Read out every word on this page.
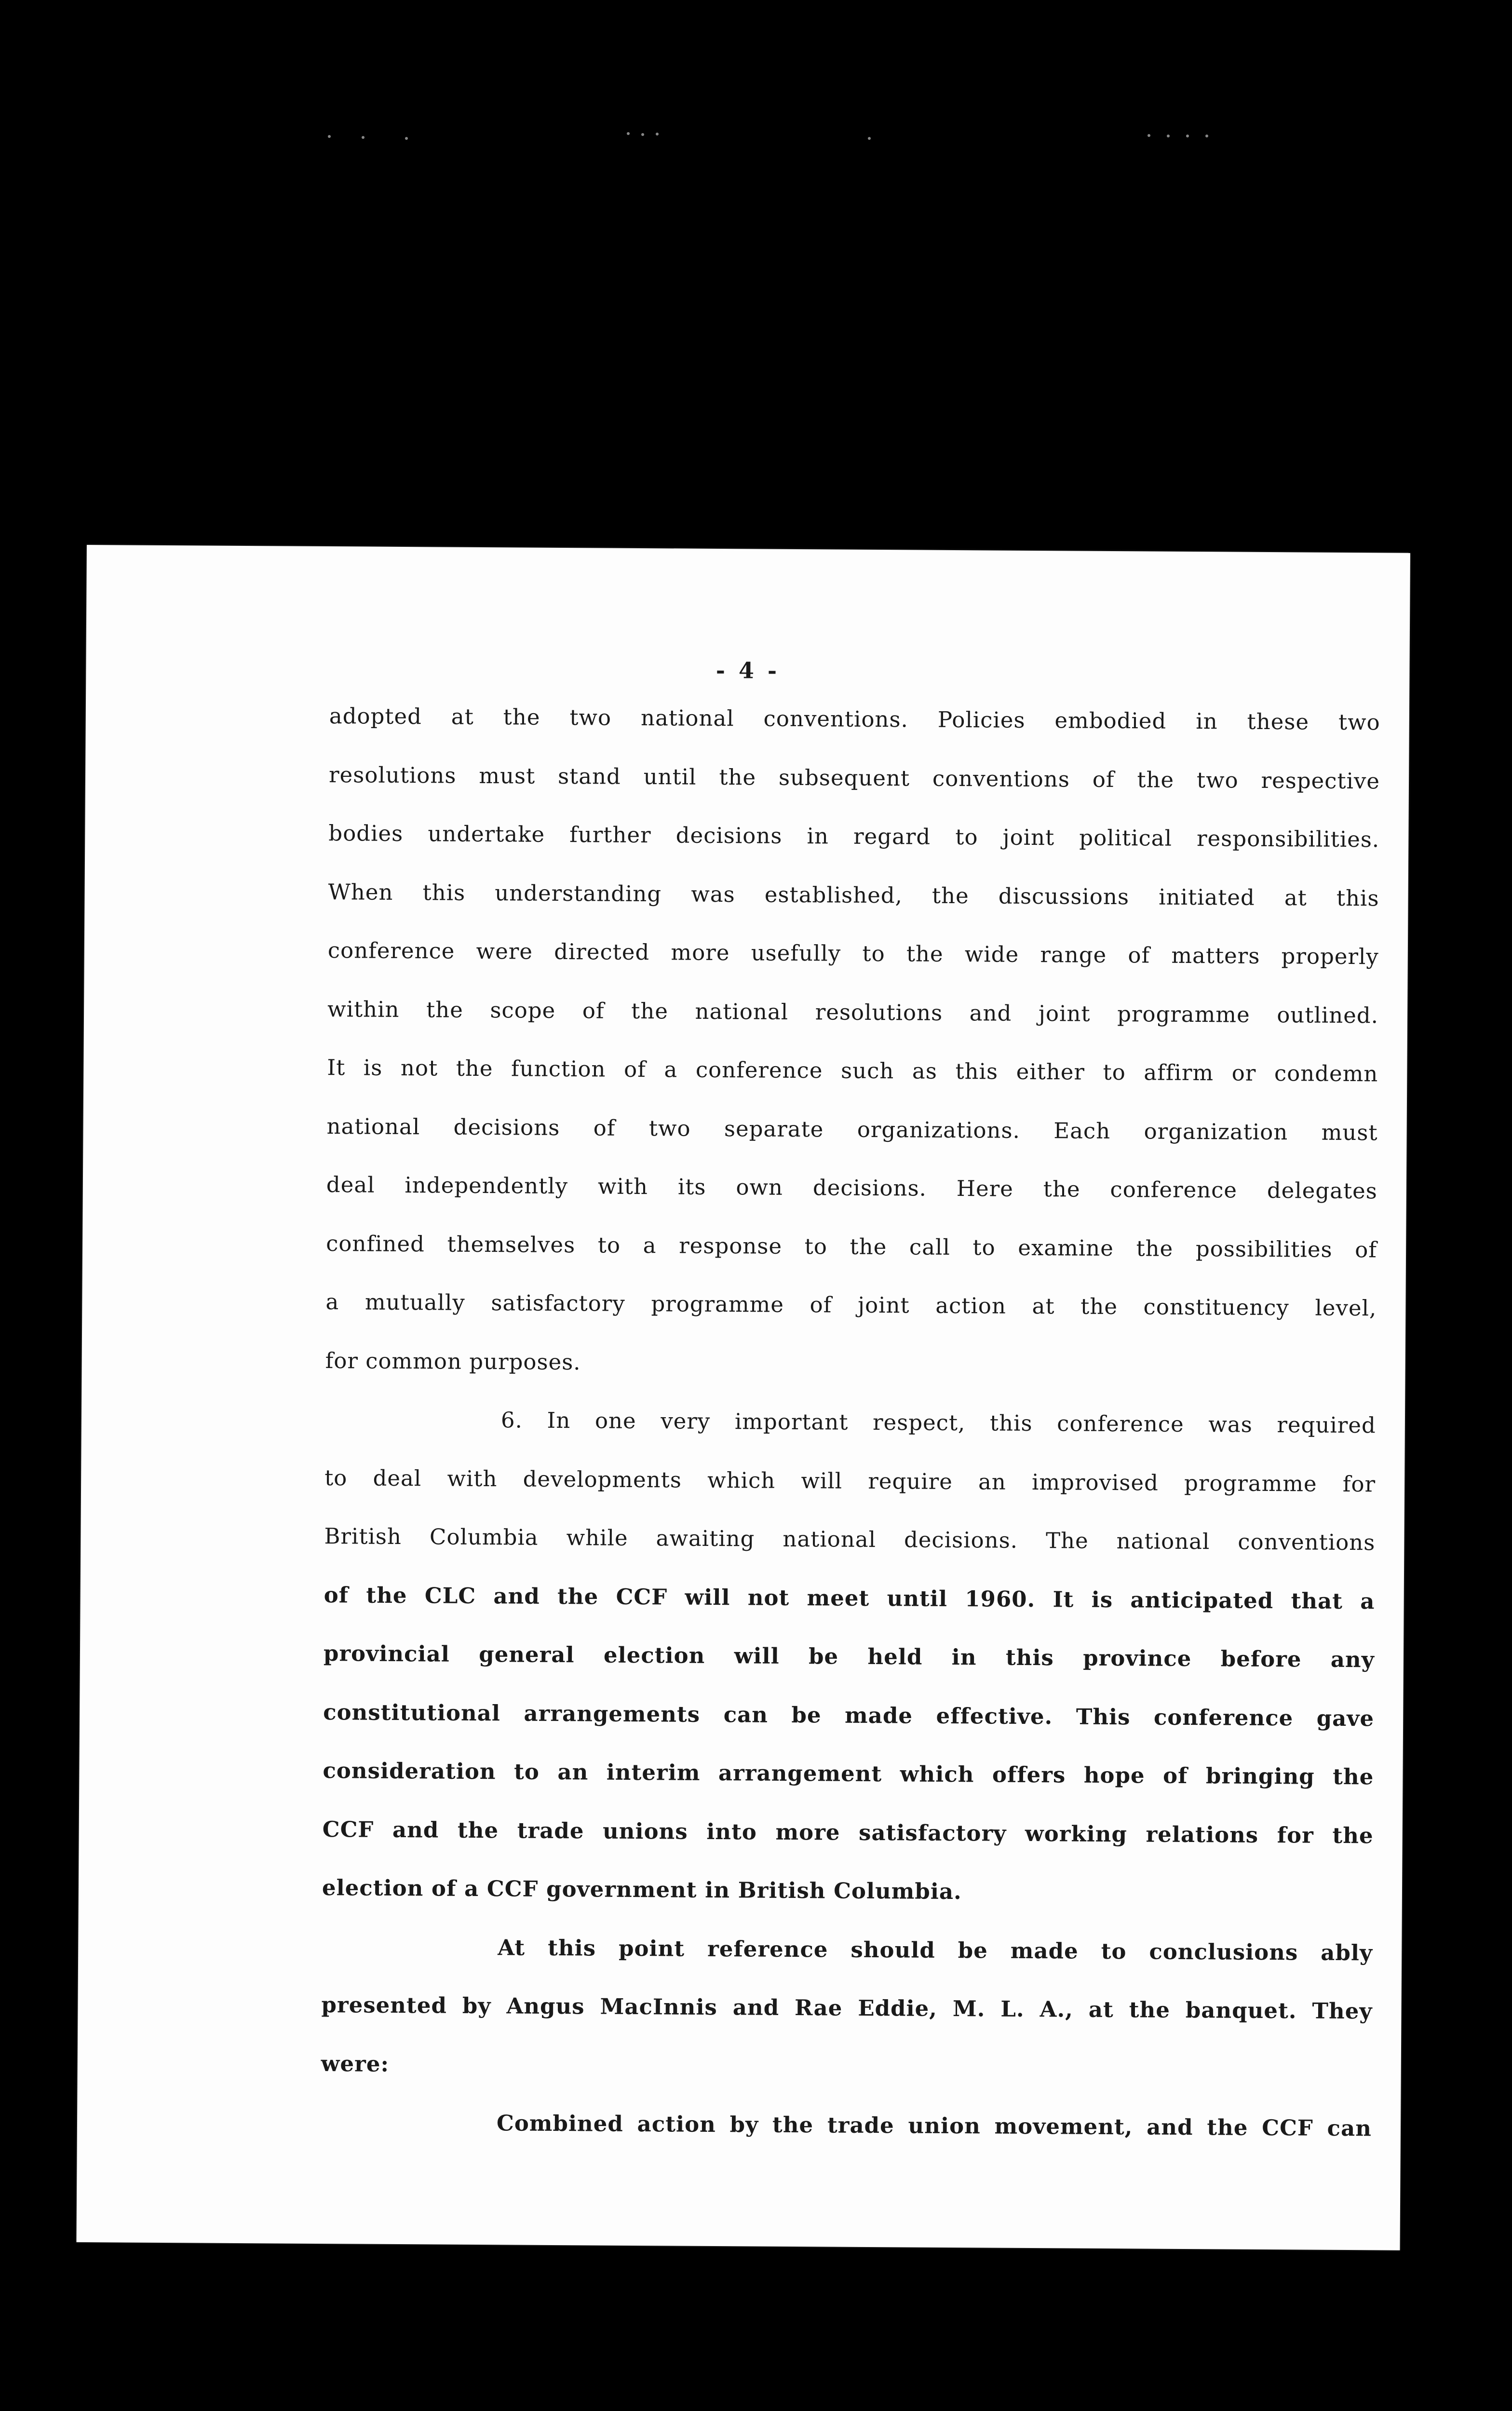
- 4 -
adopted at the two national conventions. Policies embodied in these two
resolutions must stand until the subsequent conventions of the two respective
bodies undertake further decisions in regard to joint political responsibilities.
When this understanding was established, the discussions initiated at this
conference were directed more usefully to the wide range of matters properly
within the scope of the national resolutions and joint programme outlined.
It is not the function of a conference such as this either to affirm or condemn
national decisions of two separate organizations. Each organization must
deal independently with its own decisions. Here the conference delegates
confined themselves to a response to the call to examine the possibilities of
a mutually satisfactory programme of joint action at the constituency level,
for common purposes.
6. In one very important respect, this conference was required
to deal with developments which will require an improvised programme for
British Columbia while awaiting national decisions. The national conventions
of the CLC and the CCF will not meet until 1960. It is anticipated that a
provincial general election will be held in this province before any
constitutional arrangements can be made effective. This conference gave
consideration to an interim arrangement which offers hope of bringing the
CCF and the trade unions into more satisfactory working relations for the
election of a CCF government in British Columbia.
At this point reference should be made to conclusions ably
presented by Angus MacInnis and Rae Eddie, M. L. A., at the banquet. They
were:
Combined action by the trade union movement, and the CCF can
